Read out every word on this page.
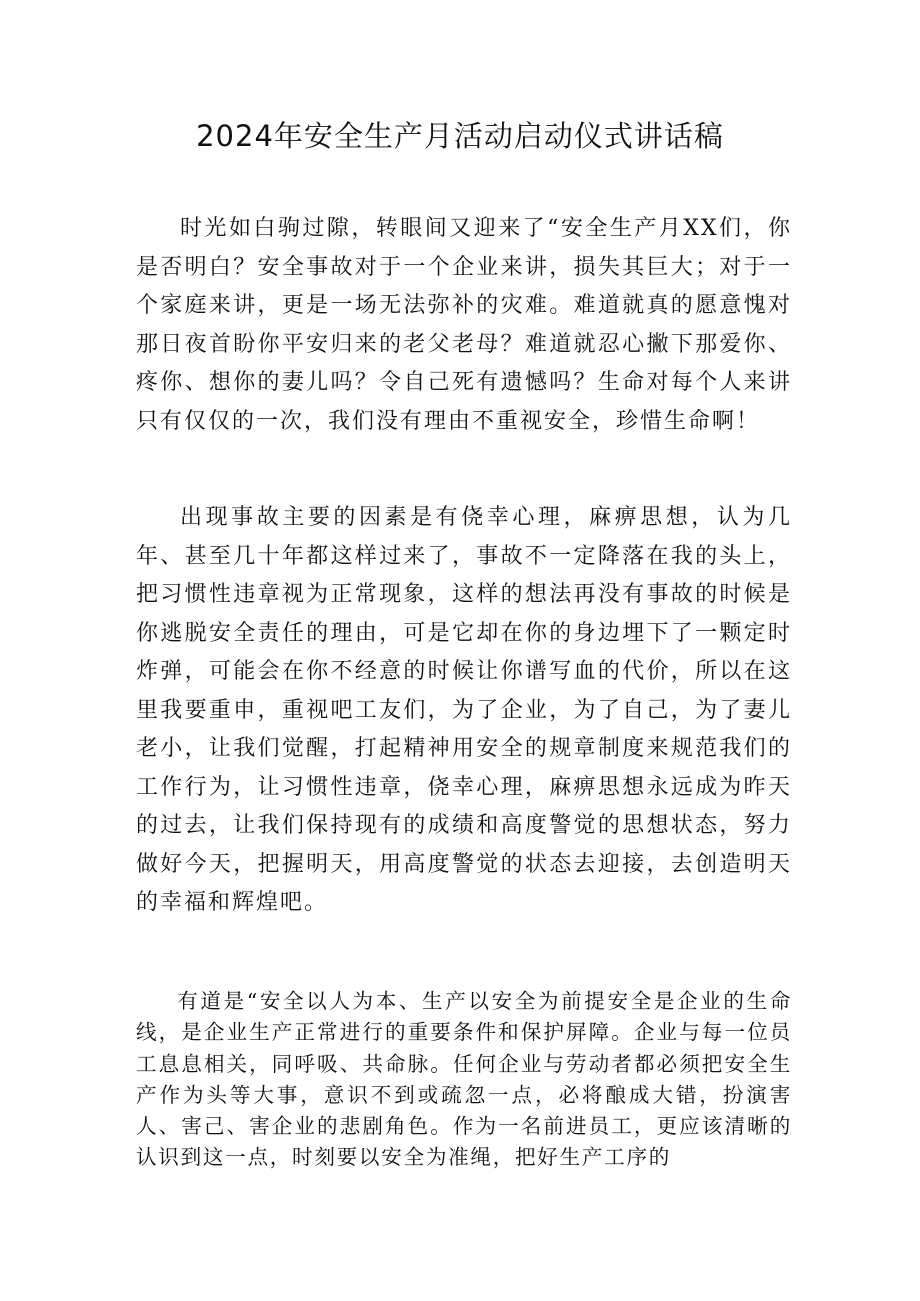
2024年安全生产月活动启动仪式讲话稿

时光如白驹过隙，转眼间又迎来了“安全生产月XX们，你是否明白？安全事故对于一个企业来讲，损失其巨大；对于一个家庭来讲，更是一场无法弥补的灾难。难道就真的愿意愧对那日夜首盼你平安归来的老父老母？难道就忍心撇下那爱你、疼你、想你的妻儿吗？令自己死有遗憾吗？生命对每个人来讲只有仅仅的一次，我们没有理由不重视安全，珍惜生命啊！

出现事故主要的因素是有侥幸心理，麻痹思想，认为几年、甚至几十年都这样过来了，事故不一定降落在我的头上，把习惯性违章视为正常现象，这样的想法再没有事故的时候是你逃脱安全责任的理由，可是它却在你的身边埋下了一颗定时炸弹，可能会在你不经意的时候让你谱写血的代价，所以在这里我要重申，重视吧工友们，为了企业，为了自己，为了妻儿老小，让我们觉醒，打起精神用安全的规章制度来规范我们的工作行为，让习惯性违章，侥幸心理，麻痹思想永远成为昨天的过去，让我们保持现有的成绩和高度警觉的思想状态，努力做好今天，把握明天，用高度警觉的状态去迎接，去创造明天的幸福和辉煌吧。

有道是“安全以人为本、生产以安全为前提安全是企业的生命线，是企业生产正常进行的重要条件和保护屏障。企业与每一位员工息息相关，同呼吸、共命脉。任何企业与劳动者都必须把安全生产作为头等大事，意识不到或疏忽一点，必将酿成大错，扮演害人、害己、害企业的悲剧角色。作为一名前进员工，更应该清晰的认识到这一点，时刻要以安全为准绳，把好生产工序的
